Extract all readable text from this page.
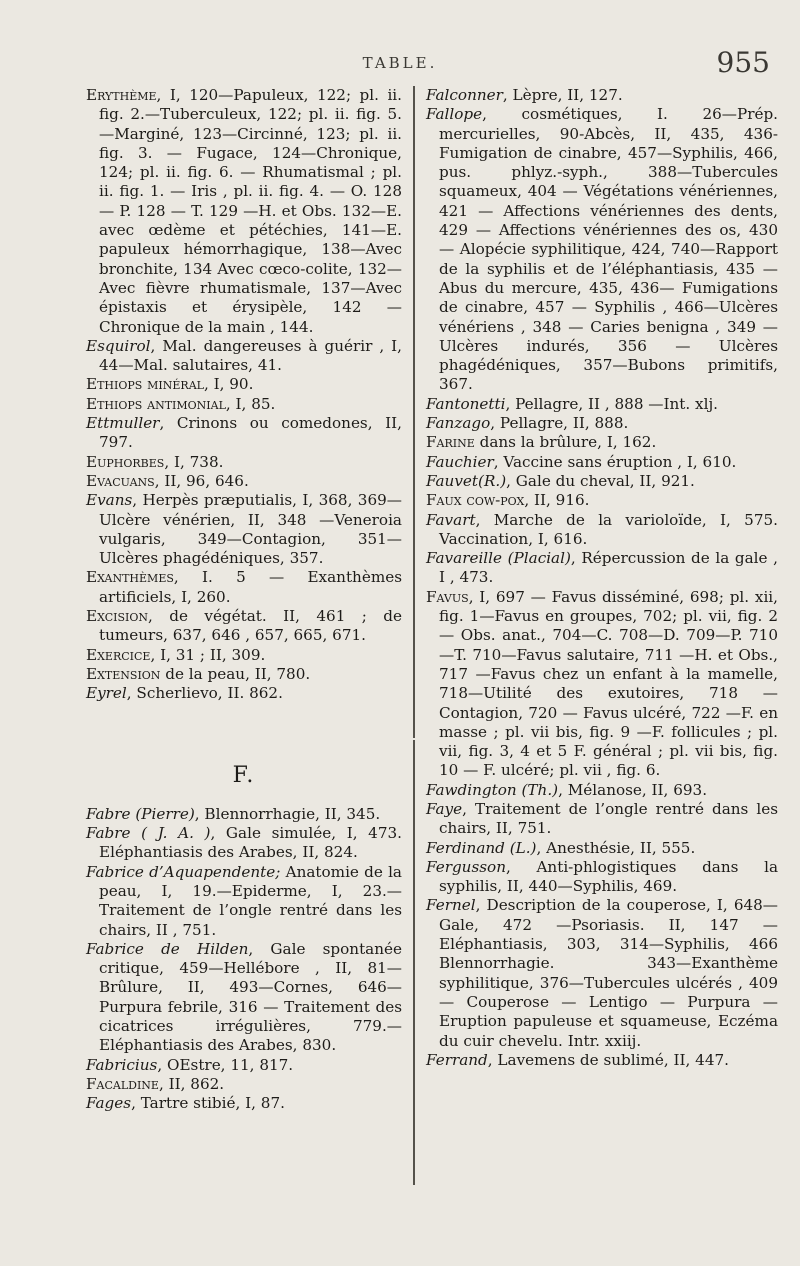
TABLE.	955
Erythème, I, 120—Papuleux, 122; pl. ii. fig. 2.—Tuberculeux, 122; pl. ii. fig. 5.—Marginé, 123—Circinné, 123; pl. ii. fig. 3. — Fugace, 124—Chronique, 124; pl. ii. fig. 6. — Rhumatismal ; pl. ii. fig. 1. — Iris , pl. ii. fig. 4. — O. 128 — P. 128 — T. 129 —H. et Obs. 132—E. avec œdème et pétéchies, 141—E. papuleux hémorrhagique, 138—Avec bronchite, 134 Avec cœco-colite, 132—Avec fièvre rhumatismale, 137—Avec épistaxis et érysipèle, 142 — Chronique de la main , 144.
Esquirol, Mal. dangereuses à guérir , I, 44—Mal. salutaires, 41.
Ethiops minéral, I, 90.
Ethiops antimonial, I, 85.
Ettmuller, Crinons ou comedones, II, 797.
Euphorbes, I, 738.
Evacuans, II, 96, 646.
Evans, Herpès præputialis, I, 368, 369— Ulcère vénérien, II, 348 —Veneroia vulgaris, 349—Contagion, 351—Ulcères phagédéniques, 357.
Exanthèmes, I. 5 — Exanthèmes artificiels, I, 260.
Excision, de végétat. II, 461 ; de tumeurs, 637, 646 , 657, 665, 671.
Exercice, I, 31 ; II, 309.
Extension de la peau, II, 780.
Eyrel, Scherlievo, II. 862.
F.
Fabre (Pierre), Blennorrhagie, II, 345.
Fabre ( J. A. ), Gale simulée, I, 473. Eléphantiasis des Arabes, II, 824.
Fabrice d’Aquapendente; Anatomie de la peau, I, 19.—Epiderme, I, 23.— Traitement de l’ongle rentré dans les chairs, II , 751.
Fabrice de Hilden, Gale spontanée critique, 459—Hellébore , II, 81—Brûlure, II, 493—Cornes, 646—Purpura febrile, 316 — Traitement des cicatrices irrégulières, 779.—Eléphantiasis des Arabes, 830.
Fabricius, OEstre, 11, 817.
Facaldine, II, 862.
Fages, Tartre stibié, I, 87.
Falconner, Lèpre, II, 127.
Fallope, cosmétiques, I. 26—Prép. mercurielles, 90-Abcès, II, 435, 436-Fumigation de cinabre, 457—Syphilis, 466, pus. phlyz.-syph., 388—Tubercules squameux, 404 — Végétations vénériennes, 421 — Affections vénériennes des dents, 429 — Affections vénériennes des os, 430 — Alopécie syphilitique, 424, 740—Rapport de la syphilis et de l’éléphantiasis, 435 — Abus du mercure, 435, 436— Fumigations de cinabre, 457 — Syphilis , 466—Ulcères vénériens , 348 — Caries benigna , 349 — Ulcères indurés, 356 — Ulcères phagédéniques, 357—Bubons primitifs, 367.
Fantonetti, Pellagre, II , 888 —Int. xlj.
Fanzago, Pellagre, II, 888.
Farine dans la brûlure, I, 162.
Fauchier, Vaccine sans éruption , I, 610.
Fauvet(R.), Gale du cheval, II, 921.
Faux cow-pox, II, 916.
Favart, Marche de la varioloïde, I, 575. Vaccination, I, 616.
Favareille (Placial), Répercussion de la gale , I , 473.
Favus, I, 697 — Favus disséminé, 698; pl. xii, fig. 1—Favus en groupes, 702; pl. vii, fig. 2 — Obs. anat., 704—C. 708—D. 709—P. 710—T. 710—Favus salutaire, 711 —H. et Obs., 717 —Favus chez un enfant à la mamelle, 718—Utilité des exutoires, 718 — Contagion, 720 — Favus ulcéré, 722 —F. en masse ; pl. vii bis, fig. 9 —F. follicules ; pl. vii, fig. 3, 4 et 5 F. général ; pl. vii bis, fig. 10 — F. ulcéré; pl. vii , fig. 6.
Fawdington (Th.), Mélanose, II, 693.
Faye, Traitement de l’ongle rentré dans les chairs, II, 751.
Ferdinand (L.), Anesthésie, II, 555.
Fergusson, Anti-phlogistiques dans la syphilis, II, 440—Syphilis, 469.
Fernel, Description de la couperose, I, 648—Gale, 472 —Psoriasis. II, 147 —Eléphantiasis, 303, 314—Syphilis, 466 Blennorrhagie. 343—Exanthème syphilitique, 376—Tubercules ulcérés , 409 — Couperose — Lentigo — Purpura — Eruption papuleuse et squameuse, Eczéma du cuir chevelu. Intr. xxiij.
Ferrand, Lavemens de sublimé, II, 447.
